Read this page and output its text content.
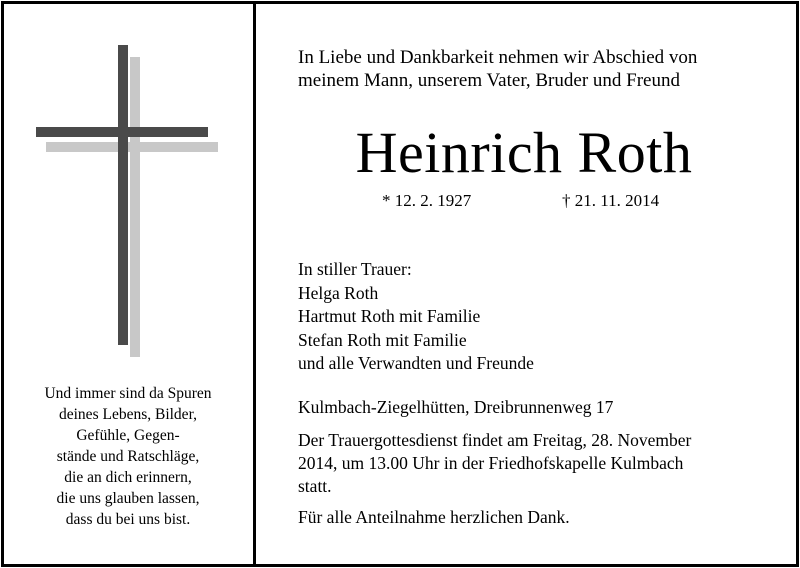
Und immer sind da Spuren
deines Lebens, Bilder,
Gefühle, Gegen-
stände und Ratschläge,
die an dich erinnern,
die uns glauben lassen,
dass du bei uns bist.
In Liebe und Dankbarkeit nehmen wir Abschied von
meinem Mann, unserem Vater, Bruder und Freund
Heinrich Roth
* 12. 2. 1927	† 21. 11. 2014
In stiller Trauer:
Helga Roth
Hartmut Roth mit Familie
Stefan Roth mit Familie
und alle Verwandten und Freunde
Kulmbach-Ziegelhütten, Dreibrunnenweg 17
Der Trauergottesdienst findet am Freitag, 28. November
2014, um 13.00 Uhr in der Friedhofskapelle Kulmbach
statt.
Für alle Anteilnahme herzlichen Dank.
